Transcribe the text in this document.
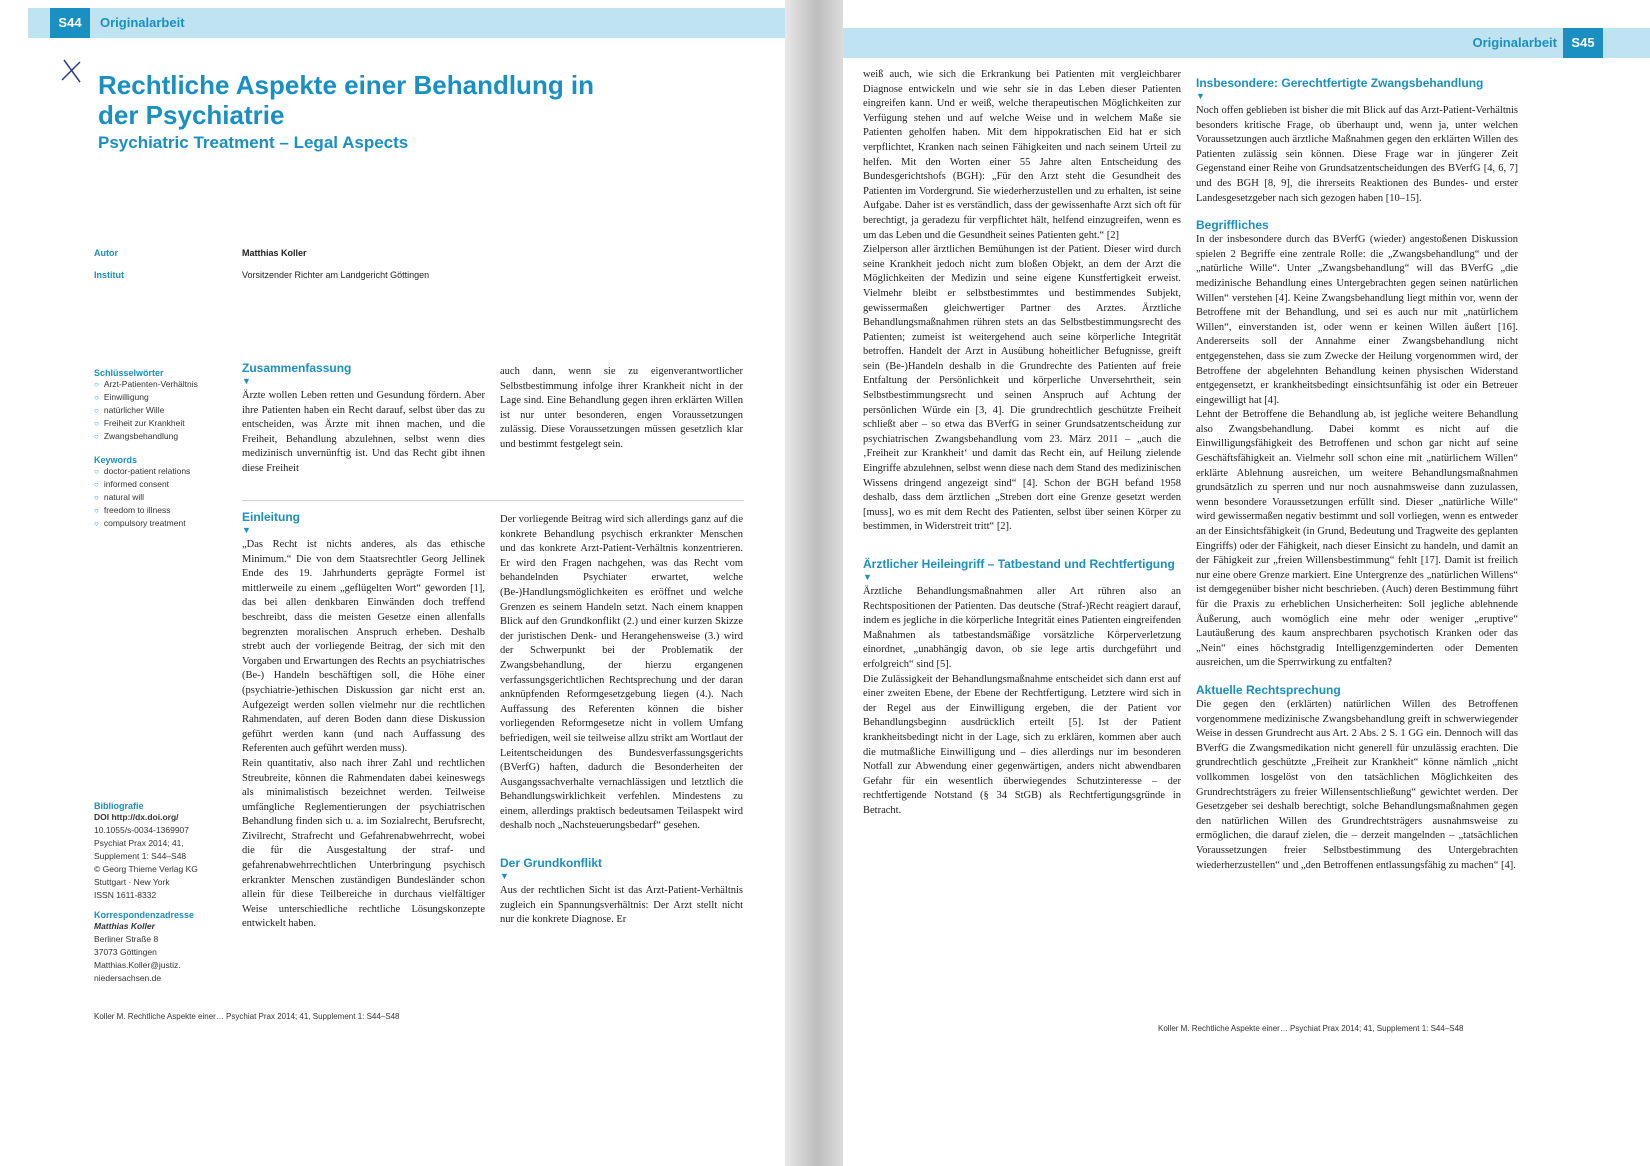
S44	Originalarbeit
Rechtliche Aspekte einer Behandlung in der Psychiatrie
Psychiatric Treatment – Legal Aspects
Autor	Matthias Koller
Institut	Vorsitzender Richter am Landgericht Göttingen
Schlüsselwörter
○ Arzt-Patienten-Verhältnis
○ Einwilligung
○ natürlicher Wille
○ Freiheit zur Krankheit
○ Zwangsbehandlung
Keywords
○ doctor-patient relations
○ informed consent
○ natural will
○ freedom to illness
○ compulsory treatment
Bibliografie
DOI http://dx.doi.org/
10.1055/s-0034-1369907
Psychiat Prax 2014; 41,
Supplement 1: S44–S48
© Georg Thieme Verlag KG
Stuttgart · New York
ISSN 1611-8332
Korrespondenzadresse
Matthias Koller
Berliner Straße 8
37073 Göttingen
Matthias.Koller@justiz.
niedersachsen.de

Zusammenfassung

▼

Ärzte wollen Leben retten und Gesundung fördern. Aber ihre Patienten haben ein Recht darauf, selbst über das zu entscheiden, was Ärzte mit ihnen machen, und die Freiheit, Behandlung abzulehnen, selbst wenn dies medizinisch unvernünftig ist. Und das Recht gibt ihnen diese Freiheit

auch dann, wenn sie zu eigenverantwortlicher Selbstbestimmung infolge ihrer Krankheit nicht in der Lage sind. Eine Behandlung gegen ihren erklärten Willen ist nur unter besonderen, engen Voraussetzungen zulässig. Diese Voraussetzungen müssen gesetzlich klar und bestimmt festgelegt sein.

Einleitung

▼

„Das Recht ist nichts anderes, als das ethische Minimum.“ Die von dem Staatsrechtler Georg Jellinek Ende des 19. Jahrhunderts geprägte Formel ist mittlerweile zu einem „geflügelten Wort“ geworden [1], das bei allen denkbaren Einwänden doch treffend beschreibt, dass die meisten Gesetze einen allenfalls begrenzten moralischen Anspruch erheben. Deshalb strebt auch der vorliegende Beitrag, der sich mit den Vorgaben und Erwartungen des Rechts an psychiatrisches (Be-) Handeln beschäftigen soll, die Höhe einer (psychiatrie-)ethischen Diskussion gar nicht erst an. Aufgezeigt werden sollen vielmehr nur die rechtlichen Rahmendaten, auf deren Boden dann diese Diskussion geführt werden kann (und nach Auffassung des Referenten auch geführt werden muss).

Rein quantitativ, also nach ihrer Zahl und rechtlichen Streubreite, können die Rahmendaten dabei keineswegs als minimalistisch bezeichnet werden. Teilweise umfängliche Reglementierungen der psychiatrischen Behandlung finden sich u. a. im Sozialrecht, Berufsrecht, Zivilrecht, Strafrecht und Gefahrenabwehrrecht, wobei die für die Ausgestaltung der straf- und gefahrenabwehrrechtlichen Unterbringung psychisch erkrankter Menschen zuständigen Bundesländer schon allein für diese Teilbereiche in durchaus vielfältiger Weise unterschiedliche rechtliche Lösungskonzepte entwickelt haben.

Der vorliegende Beitrag wird sich allerdings ganz auf die konkrete Behandlung psychisch erkrankter Menschen und das konkrete Arzt-Patient-Verhältnis konzentrieren. Er wird den Fragen nachgehen, was das Recht vom behandelnden Psychiater erwartet, welche (Be-)Handlungsmöglichkeiten es eröffnet und welche Grenzen es seinem Handeln setzt. Nach einem knappen Blick auf den Grundkonflikt (2.) und einer kurzen Skizze der juristischen Denk- und Herangehensweise (3.) wird der Schwerpunkt bei der Problematik der Zwangsbehandlung, der hierzu ergangenen verfassungsgerichtlichen Rechtsprechung und der daran anknüpfenden Reformgesetzgebung liegen (4.). Nach Auffassung des Referenten können die bisher vorliegenden Reformgesetze nicht in vollem Umfang befriedigen, weil sie teilweise allzu strikt am Wortlaut der Leitentscheidungen des Bundesverfassungsgerichts (BVerfG) haften, dadurch die Besonderheiten der Ausgangssachverhalte vernachlässigen und letztlich die Behandlungswirklichkeit verfehlen. Mindestens zu einem, allerdings praktisch bedeutsamen Teilaspekt wird deshalb noch „Nachsteuerungsbedarf“ gesehen.

Der Grundkonflikt

▼

Aus der rechtlichen Sicht ist das Arzt-Patient-Verhältnis zugleich ein Spannungsverhältnis: Der Arzt stellt nicht nur die konkrete Diagnose. Er

Koller M. Rechtliche Aspekte einer… Psychiat Prax 2014; 41, Supplement 1: S44–S48
S45
Originalarbeit

weiß auch, wie sich die Erkrankung bei Patienten mit vergleichbarer Diagnose entwickeln und wie sehr sie in das Leben dieser Patienten eingreifen kann. Und er weiß, welche therapeutischen Möglichkeiten zur Verfügung stehen und auf welche Weise und in welchem Maße sie Patienten geholfen haben. Mit dem hippokratischen Eid hat er sich verpflichtet, Kranken nach seinen Fähigkeiten und nach seinem Urteil zu helfen. Mit den Worten einer 55 Jahre alten Entscheidung des Bundesgerichtshofs (BGH): „Für den Arzt steht die Gesundheit des Patienten im Vordergrund. Sie wiederherzustellen und zu erhalten, ist seine Aufgabe. Daher ist es verständlich, dass der gewissenhafte Arzt sich oft für berechtigt, ja geradezu für verpflichtet hält, helfend einzugreifen, wenn es um das Leben und die Gesundheit seines Patienten geht.“ [2]

Zielperson aller ärztlichen Bemühungen ist der Patient. Dieser wird durch seine Krankheit jedoch nicht zum bloßen Objekt, an dem der Arzt die Möglichkeiten der Medizin und seine eigene Kunstfertigkeit erweist. Vielmehr bleibt er selbstbestimmtes und bestimmendes Subjekt, gewissermaßen gleichwertiger Partner des Arztes. Ärztliche Behandlungsmaßnahmen rühren stets an das Selbstbestimmungsrecht des Patienten; zumeist ist weitergehend auch seine körperliche Integrität betroffen. Handelt der Arzt in Ausübung hoheitlicher Befugnisse, greift sein (Be-)Handeln deshalb in die Grundrechte des Patienten auf freie Entfaltung der Persönlichkeit und körperliche Unversehrtheit, sein Selbstbestimmungsrecht und seinen Anspruch auf Achtung der persönlichen Würde ein [3, 4]. Die grundrechtlich geschützte Freiheit schließt aber – so etwa das BVerfG in seiner Grundsatzentscheidung zur psychiatrischen Zwangsbehandlung vom 23. März 2011 – „auch die ‚Freiheit zur Krankheit‘ und damit das Recht ein, auf Heilung zielende Eingriffe abzulehnen, selbst wenn diese nach dem Stand des medizinischen Wissens dringend angezeigt sind“ [4]. Schon der BGH befand 1958 deshalb, dass dem ärztlichen „Streben dort eine Grenze gesetzt werden [muss], wo es mit dem Recht des Patienten, selbst über seinen Körper zu bestimmen, in Widerstreit tritt“ [2].

Ärztlicher Heileingriff – Tatbestand und Rechtfertigung

▼

Ärztliche Behandlungsmaßnahmen aller Art rühren also an Rechtspositionen der Patienten. Das deutsche (Straf-)Recht reagiert darauf, indem es jegliche in die körperliche Integrität eines Patienten eingreifenden Maßnahmen als tatbestandsmäßige vorsätzliche Körperverletzung einordnet, „unabhängig davon, ob sie lege artis durchgeführt und erfolgreich“ sind [5].

Die Zulässigkeit der Behandlungsmaßnahme entscheidet sich dann erst auf einer zweiten Ebene, der Ebene der Rechtfertigung. Letztere wird sich in der Regel aus der Einwilligung ergeben, die der Patient vor Behandlungsbeginn ausdrücklich erteilt [5]. Ist der Patient krankheitsbedingt nicht in der Lage, sich zu erklären, kommen aber auch die mutmaßliche Einwilligung und – dies allerdings nur im besonderen Notfall zur Abwendung einer gegenwärtigen, anders nicht abwendbaren Gefahr für ein wesentlich überwiegendes Schutzinteresse – der rechtfertigende Notstand (§ 34 StGB) als Rechtfertigungsgründe in Betracht.

Insbesondere: Gerechtfertigte Zwangsbehandlung

▼

Noch offen geblieben ist bisher die mit Blick auf das Arzt-Patient-Verhältnis besonders kritische Frage, ob überhaupt und, wenn ja, unter welchen Voraussetzungen auch ärztliche Maßnahmen gegen den erklärten Willen des Patienten zulässig sein können. Diese Frage war in jüngerer Zeit Gegenstand einer Reihe von Grundsatzentscheidungen des BVerfG [4, 6, 7] und des BGH [8, 9], die ihrerseits Reaktionen des Bundes- und erster Landesgesetzgeber nach sich gezogen haben [10–15].

Begriffliches

In der insbesondere durch das BVerfG (wieder) angestoßenen Diskussion spielen 2 Begriffe eine zentrale Rolle: die „Zwangsbehandlung“ und der „natürliche Wille“. Unter „Zwangsbehandlung“ will das BVerfG „die medizinische Behandlung eines Untergebrachten gegen seinen natürlichen Willen“ verstehen [4]. Keine Zwangsbehandlung liegt mithin vor, wenn der Betroffene mit der Behandlung, und sei es auch nur mit „natürlichem Willen“, einverstanden ist, oder wenn er keinen Willen äußert [16]. Andererseits soll der Annahme einer Zwangsbehandlung nicht entgegenstehen, dass sie zum Zwecke der Heilung vorgenommen wird, der Betroffene der abgelehnten Behandlung keinen physischen Widerstand entgegensetzt, er krankheitsbedingt einsichtsunfähig ist oder ein Betreuer eingewilligt hat [4].

Lehnt der Betroffene die Behandlung ab, ist jegliche weitere Behandlung also Zwangsbehandlung. Dabei kommt es nicht auf die Einwilligungsfähigkeit des Betroffenen und schon gar nicht auf seine Geschäftsfähigkeit an. Vielmehr soll schon eine mit „natürlichem Willen“ erklärte Ablehnung ausreichen, um weitere Behandlungsmaßnahmen grundsätzlich zu sperren und nur noch ausnahmsweise dann zuzulassen, wenn besondere Voraussetzungen erfüllt sind. Dieser „natürliche Wille“ wird gewissermaßen negativ bestimmt und soll vorliegen, wenn es entweder an der Einsichtsfähigkeit (in Grund, Bedeutung und Tragweite des geplanten Eingriffs) oder der Fähigkeit, nach dieser Einsicht zu handeln, und damit an der Fähigkeit zur „freien Willensbestimmung“ fehlt [17]. Damit ist freilich nur eine obere Grenze markiert. Eine Untergrenze des „natürlichen Willens“ ist demgegenüber bisher nicht beschrieben. (Auch) deren Bestimmung führt für die Praxis zu erheblichen Unsicherheiten: Soll jegliche ablehnende Äußerung, auch womöglich eine mehr oder weniger „eruptive“ Lautäußerung des kaum ansprechbaren psychotisch Kranken oder das „Nein“ eines höchstgradig Intelligenzgeminderten oder Dementen ausreichen, um die Sperrwirkung zu entfalten?

Aktuelle Rechtsprechung

Die gegen den (erklärten) natürlichen Willen des Betroffenen vorgenommene medizinische Zwangsbehandlung greift in schwerwiegender Weise in dessen Grundrecht aus Art. 2 Abs. 2 S. 1 GG ein. Dennoch will das BVerfG die Zwangsmedikation nicht generell für unzulässig erachten. Die grundrechtlich geschützte „Freiheit zur Krankheit“ könne nämlich „nicht vollkommen losgelöst von den tatsächlichen Möglichkeiten des Grundrechtsträgers zu freier Willensentschließung“ gewichtet werden. Der Gesetzgeber sei deshalb berechtigt, solche Behandlungsmaßnahmen gegen den natürlichen Willen des Grundrechtsträgers ausnahmsweise zu ermöglichen, die darauf zielen, die – derzeit mangelnden – „tatsächlichen Voraussetzungen freier Selbstbestimmung des Untergebrachten wiederherzustellen“ und „den Betroffenen entlassungsfähig zu machen“ [4].

Koller M. Rechtliche Aspekte einer… Psychiat Prax 2014; 41, Supplement 1: S44–S48
